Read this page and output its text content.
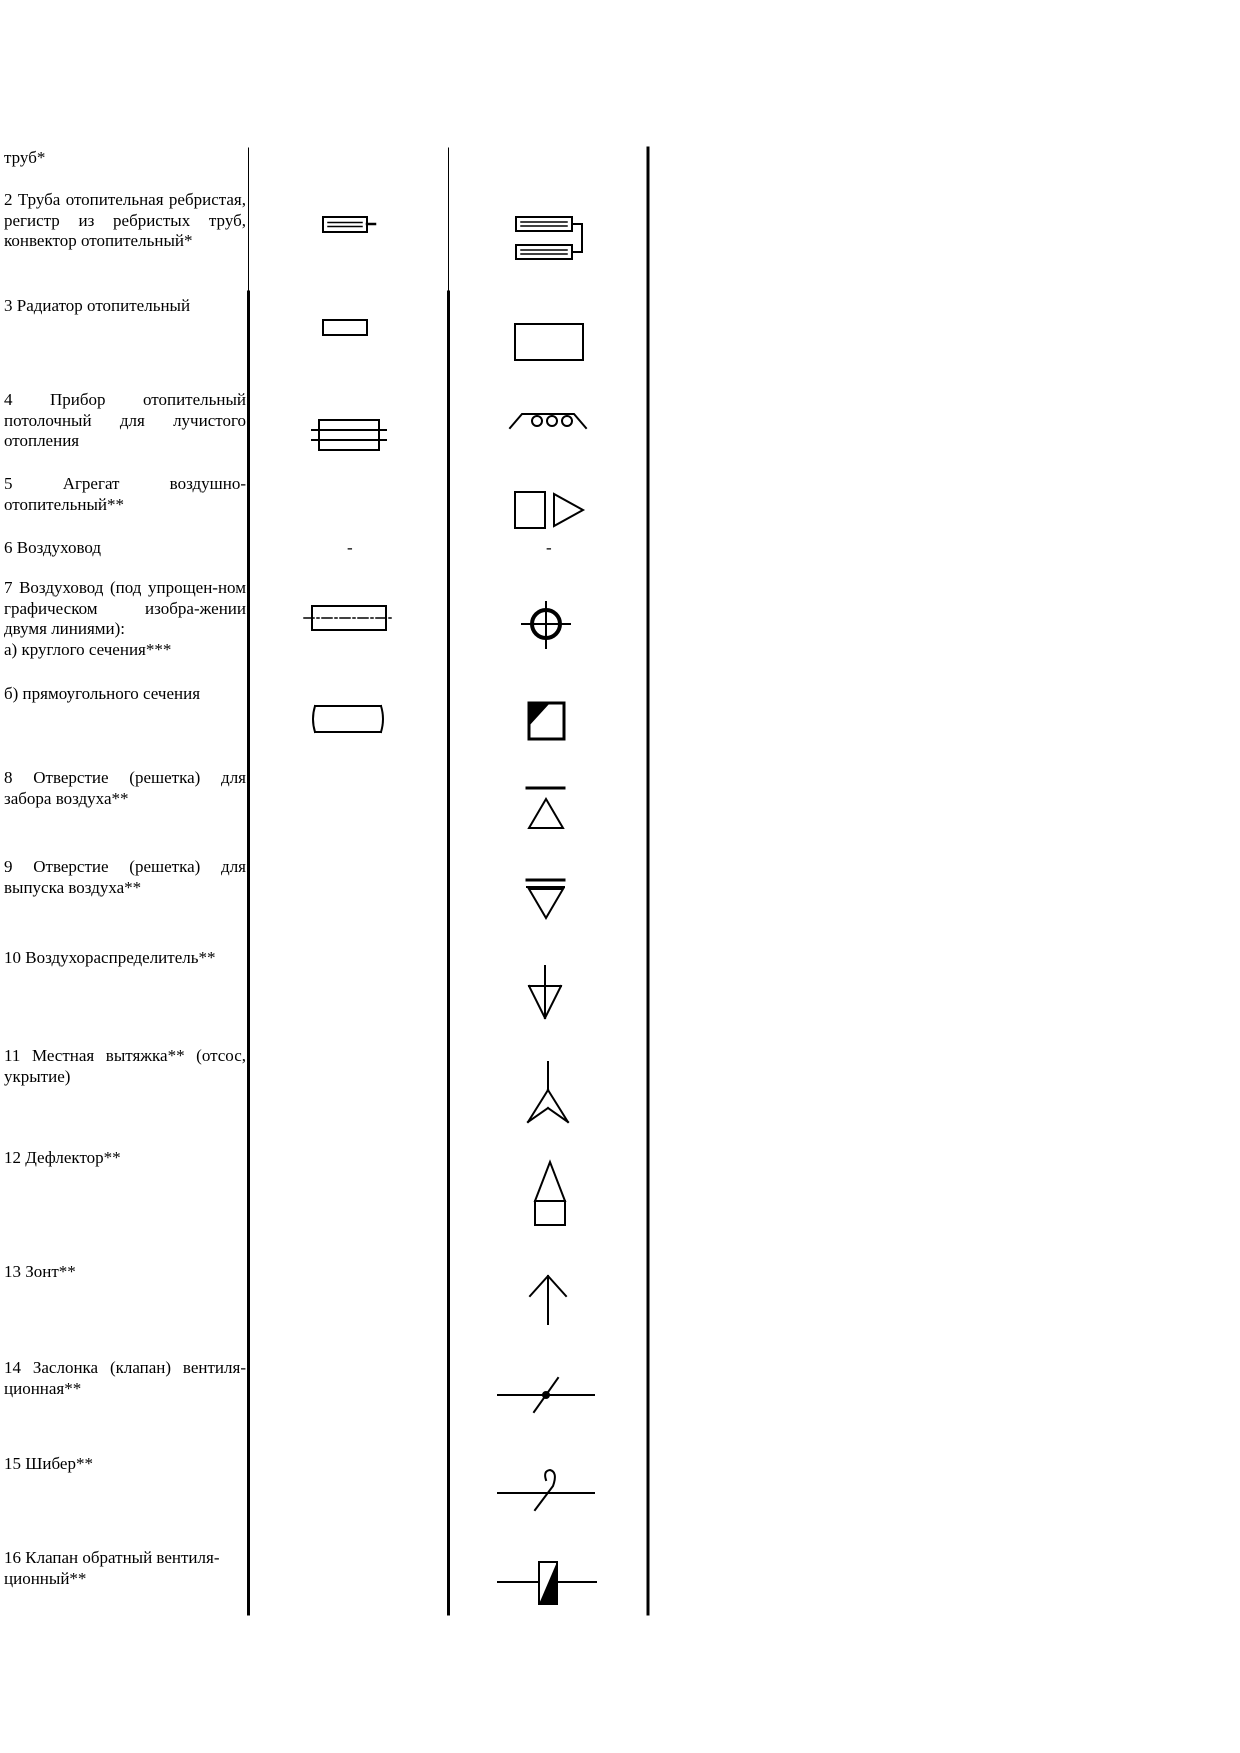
труб*
2 Труба отопительная ребристая, регистр из ребристых труб, конвектор отопительный*
3 Радиатор отопительный
4 Прибор отопительный потолочный для лучистого отопления
5 Агрегат воздушно-отопительный**
6 Воздуховод
7 Воздуховод (под упрощен-ном графическом изобра-жении двумя линиями):
а) круглого сечения***
б) прямоугольного сечения
8 Отверстие (решетка) для забора воздуха**
9 Отверстие (решетка) для выпуска воздуха**
10 Воздухораспределитель**
11 Местная вытяжка** (отсос, укрытие)
12 Дефлектор**
13 Зонт**
14 Заслонка (клапан) вентиля-ционная**
15 Шибер**
16 Клапан обратный вентиля-ционный**
-	-
